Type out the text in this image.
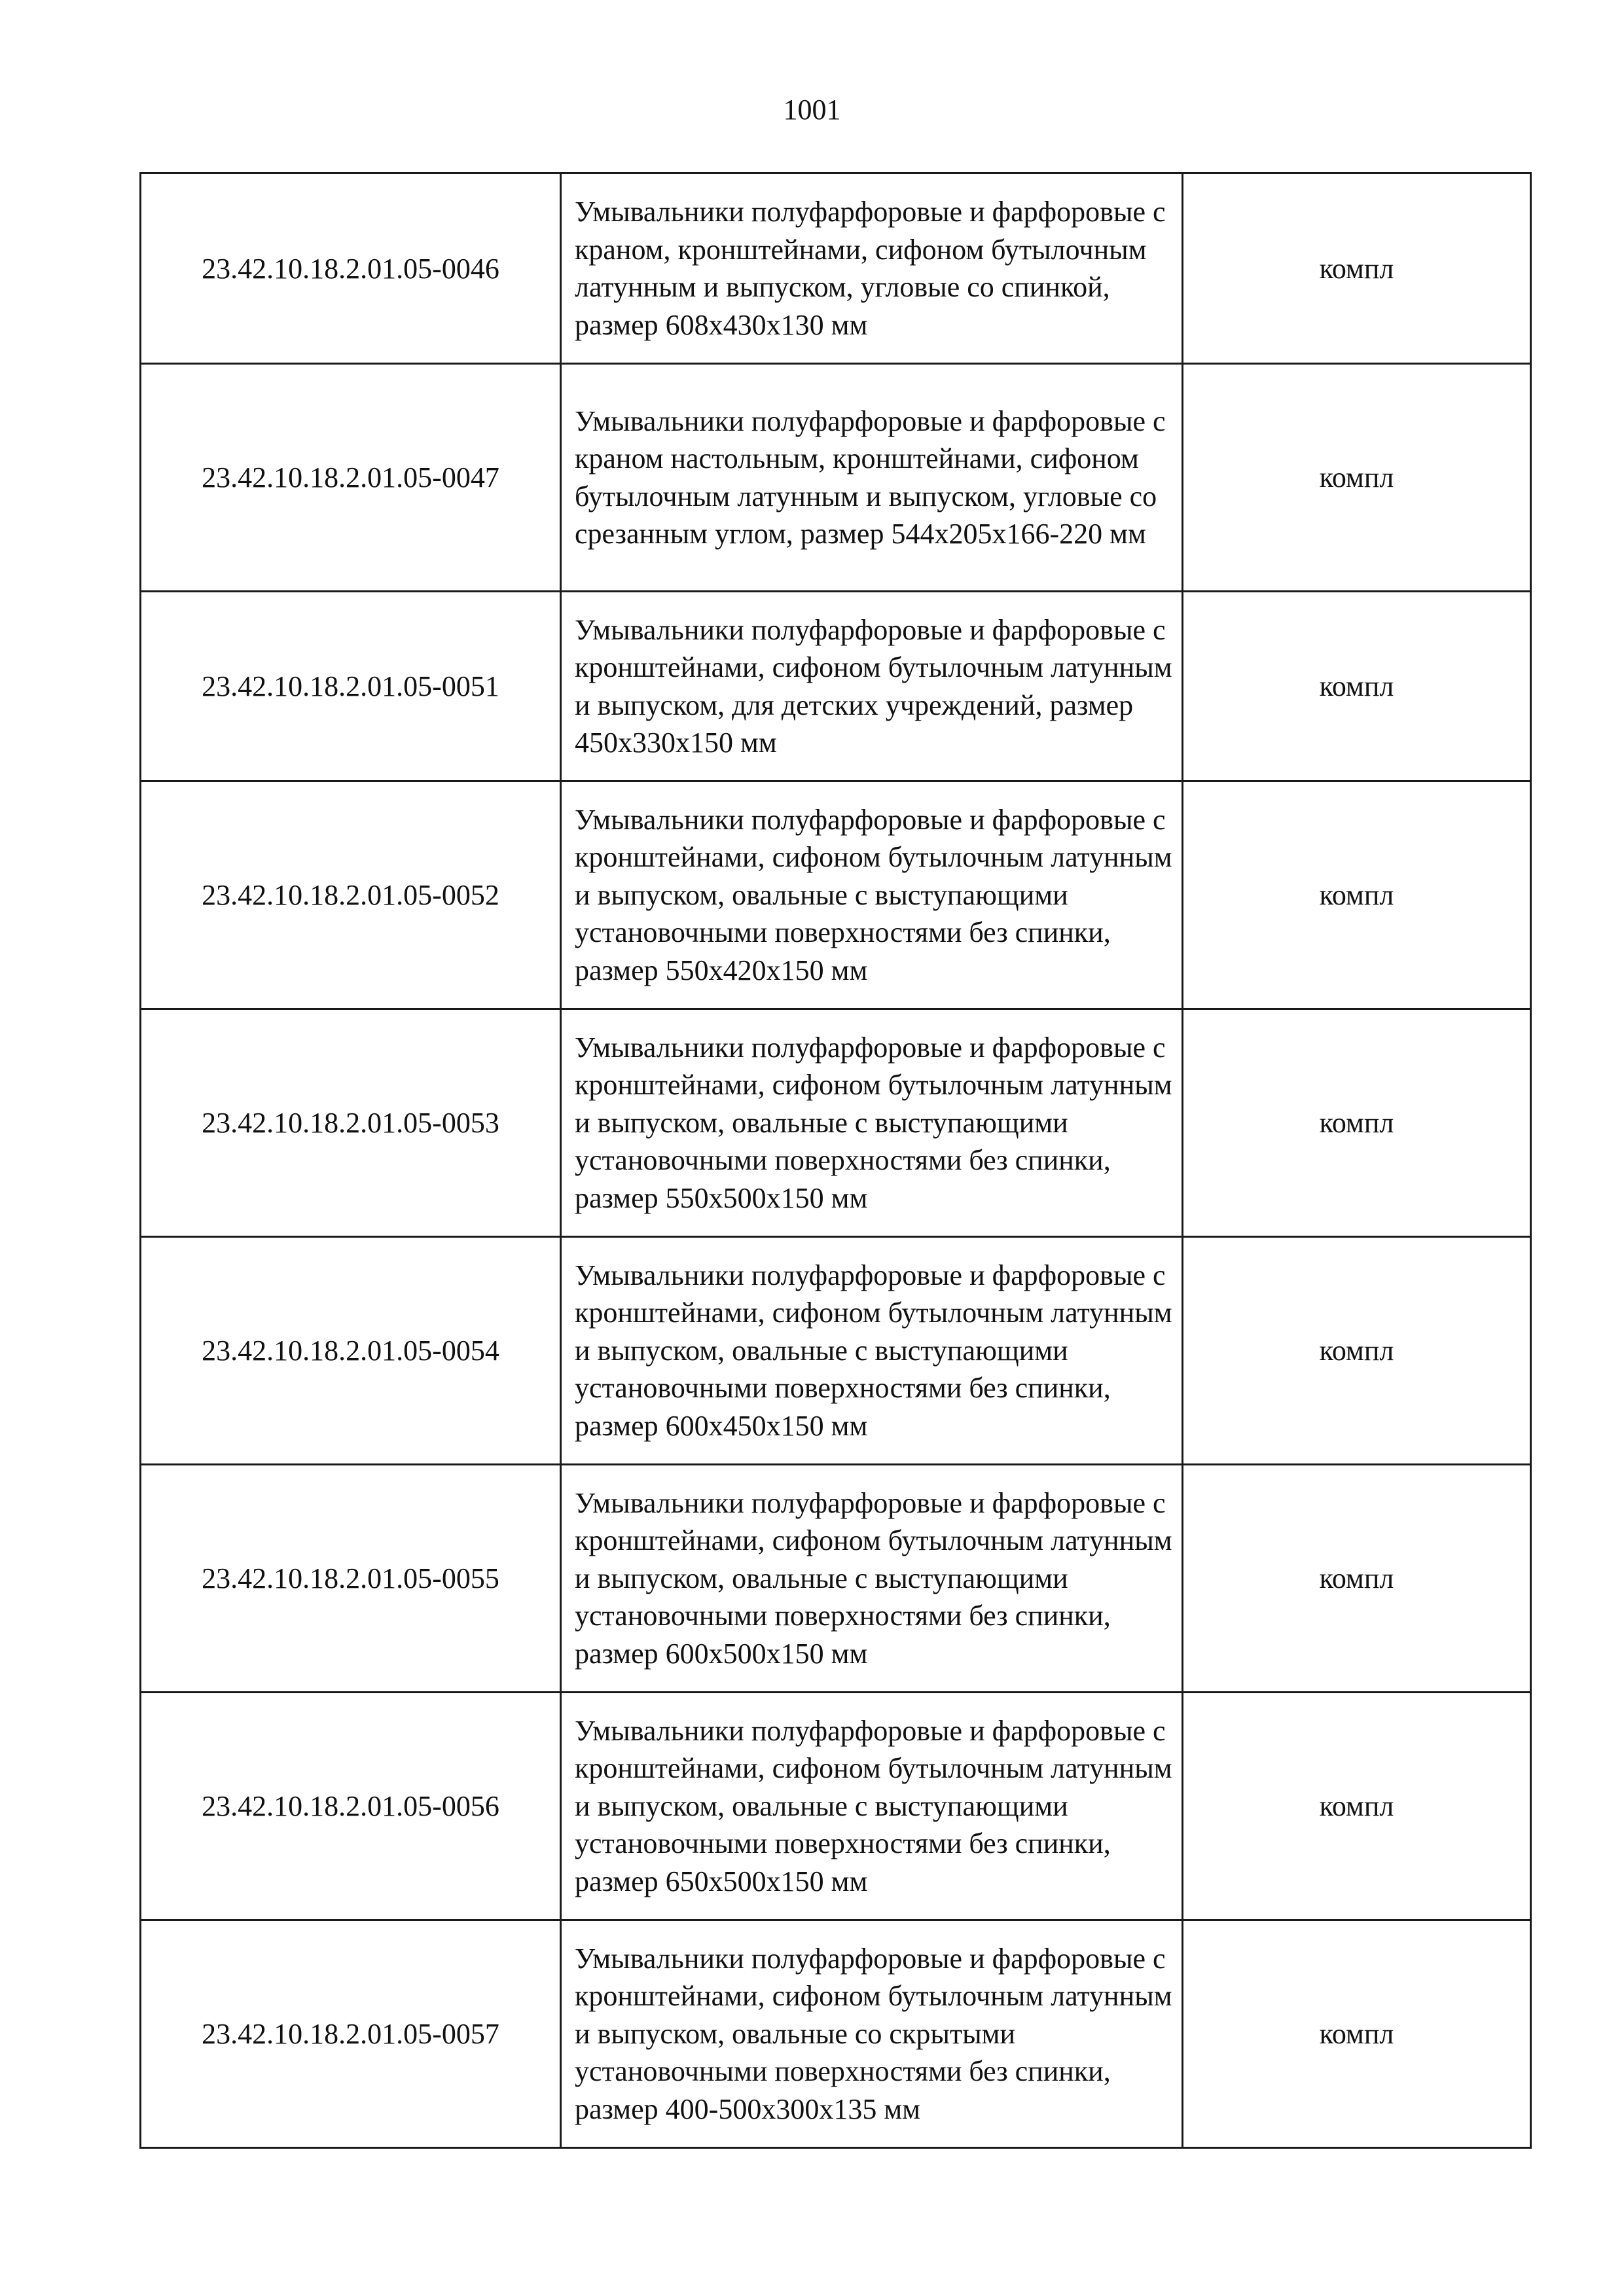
1001
23.42.10.18.2.01.05-0046	Умывальники полуфарфоровые и фарфоровые с краном, кронштейнами, сифоном бутылочным латунным и выпуском, угловые со спинкой, размер 608х430х130 мм	компл
23.42.10.18.2.01.05-0047	Умывальники полуфарфоровые и фарфоровые с краном настольным, кронштейнами, сифоном бутылочным латунным и выпуском, угловые со срезанным углом, размер 544х205х166-220 мм	компл
23.42.10.18.2.01.05-0051	Умывальники полуфарфоровые и фарфоровые с кронштейнами, сифоном бутылочным латунным и выпуском, для детских учреждений, размер 450х330х150 мм	компл
23.42.10.18.2.01.05-0052	Умывальники полуфарфоровые и фарфоровые с кронштейнами, сифоном бутылочным латунным и выпуском, овальные с выступающими установочными поверхностями без спинки, размер 550х420х150 мм	компл
23.42.10.18.2.01.05-0053	Умывальники полуфарфоровые и фарфоровые с кронштейнами, сифоном бутылочным латунным и выпуском, овальные с выступающими установочными поверхностями без спинки, размер 550х500х150 мм	компл
23.42.10.18.2.01.05-0054	Умывальники полуфарфоровые и фарфоровые с кронштейнами, сифоном бутылочным латунным и выпуском, овальные с выступающими установочными поверхностями без спинки, размер 600х450х150 мм	компл
23.42.10.18.2.01.05-0055	Умывальники полуфарфоровые и фарфоровые с кронштейнами, сифоном бутылочным латунным и выпуском, овальные с выступающими установочными поверхностями без спинки, размер 600х500х150 мм	компл
23.42.10.18.2.01.05-0056	Умывальники полуфарфоровые и фарфоровые с кронштейнами, сифоном бутылочным латунным и выпуском, овальные с выступающими установочными поверхностями без спинки, размер 650х500х150 мм	компл
23.42.10.18.2.01.05-0057	Умывальники полуфарфоровые и фарфоровые с кронштейнами, сифоном бутылочным латунным и выпуском, овальные со скрытыми установочными поверхностями без спинки, размер 400-500х300х135 мм	компл
